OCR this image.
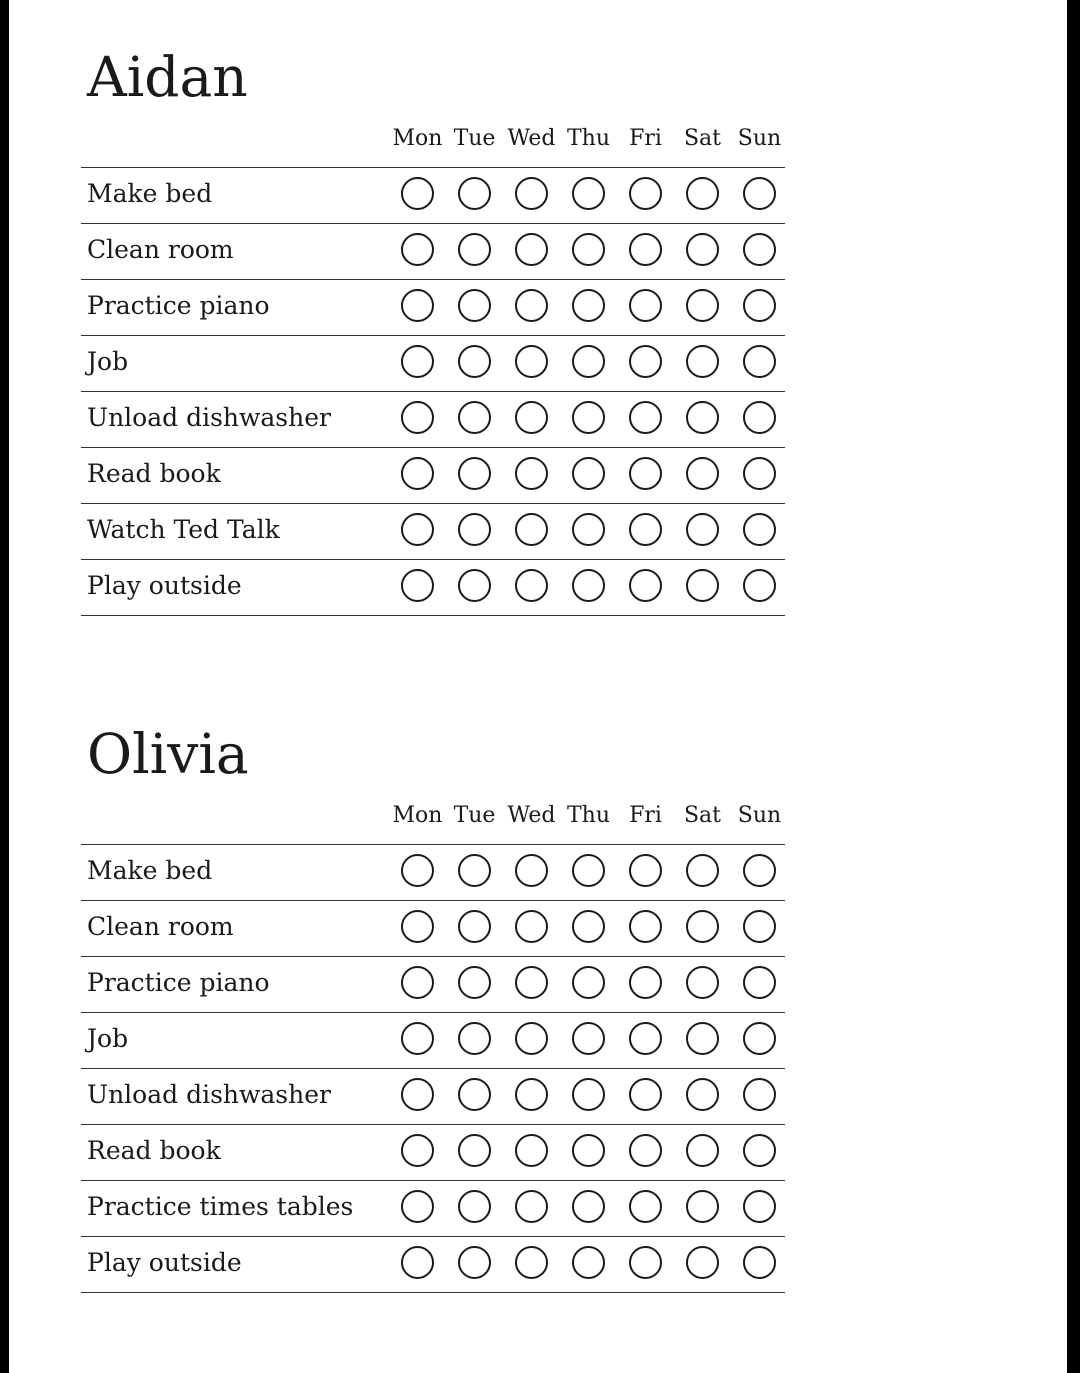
Aidan
Mon Tue Wed Thu Fri	Sat Sun
Make bed
Clean room
Practice piano
Job
Unload dishwasher
Read book
Watch Ted Talk
Play outside
Olivia
Mon Tue Wed Thu Fri	Sat Sun
Make bed
Clean room
Practice piano
Job
Unload dishwasher
Read book
Practice times tables
Play outside
